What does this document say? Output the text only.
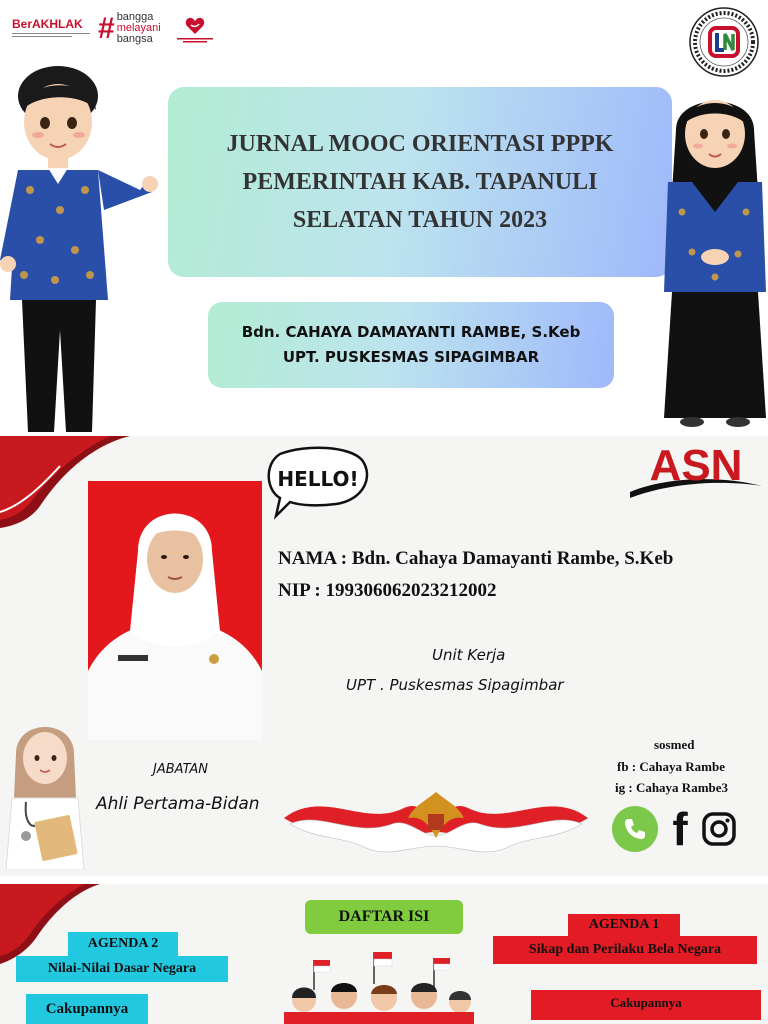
BerAKHLAK # bangga
melayani
bangsa
JURNAL MOOC ORIENTASI PPPK
PEMERINTAH KAB. TAPANULI
SELATAN TAHUN 2023
Bdn. CAHAYA DAMAYANTI RAMBE, S.Keb
UPT. PUSKESMAS SIPAGIMBAR
HELLO!	ASN
NAMA : Bdn. Cahaya Damayanti Rambe, S.Keb
NIP : 199306062023212002
Unit Kerja
UPT . Puskesmas Sipagimbar
JABATAN
Ahli Pertama-Bidan
sosmed
fb : Cahaya Rambe
ig : Cahaya Rambe3
f
AGENDA 2
Nilai-Nilai Dasar Negara
Cakupannya
DAFTAR ISI	AGENDA 1
Sikap dan Perilaku Bela Negara
Cakupannya
